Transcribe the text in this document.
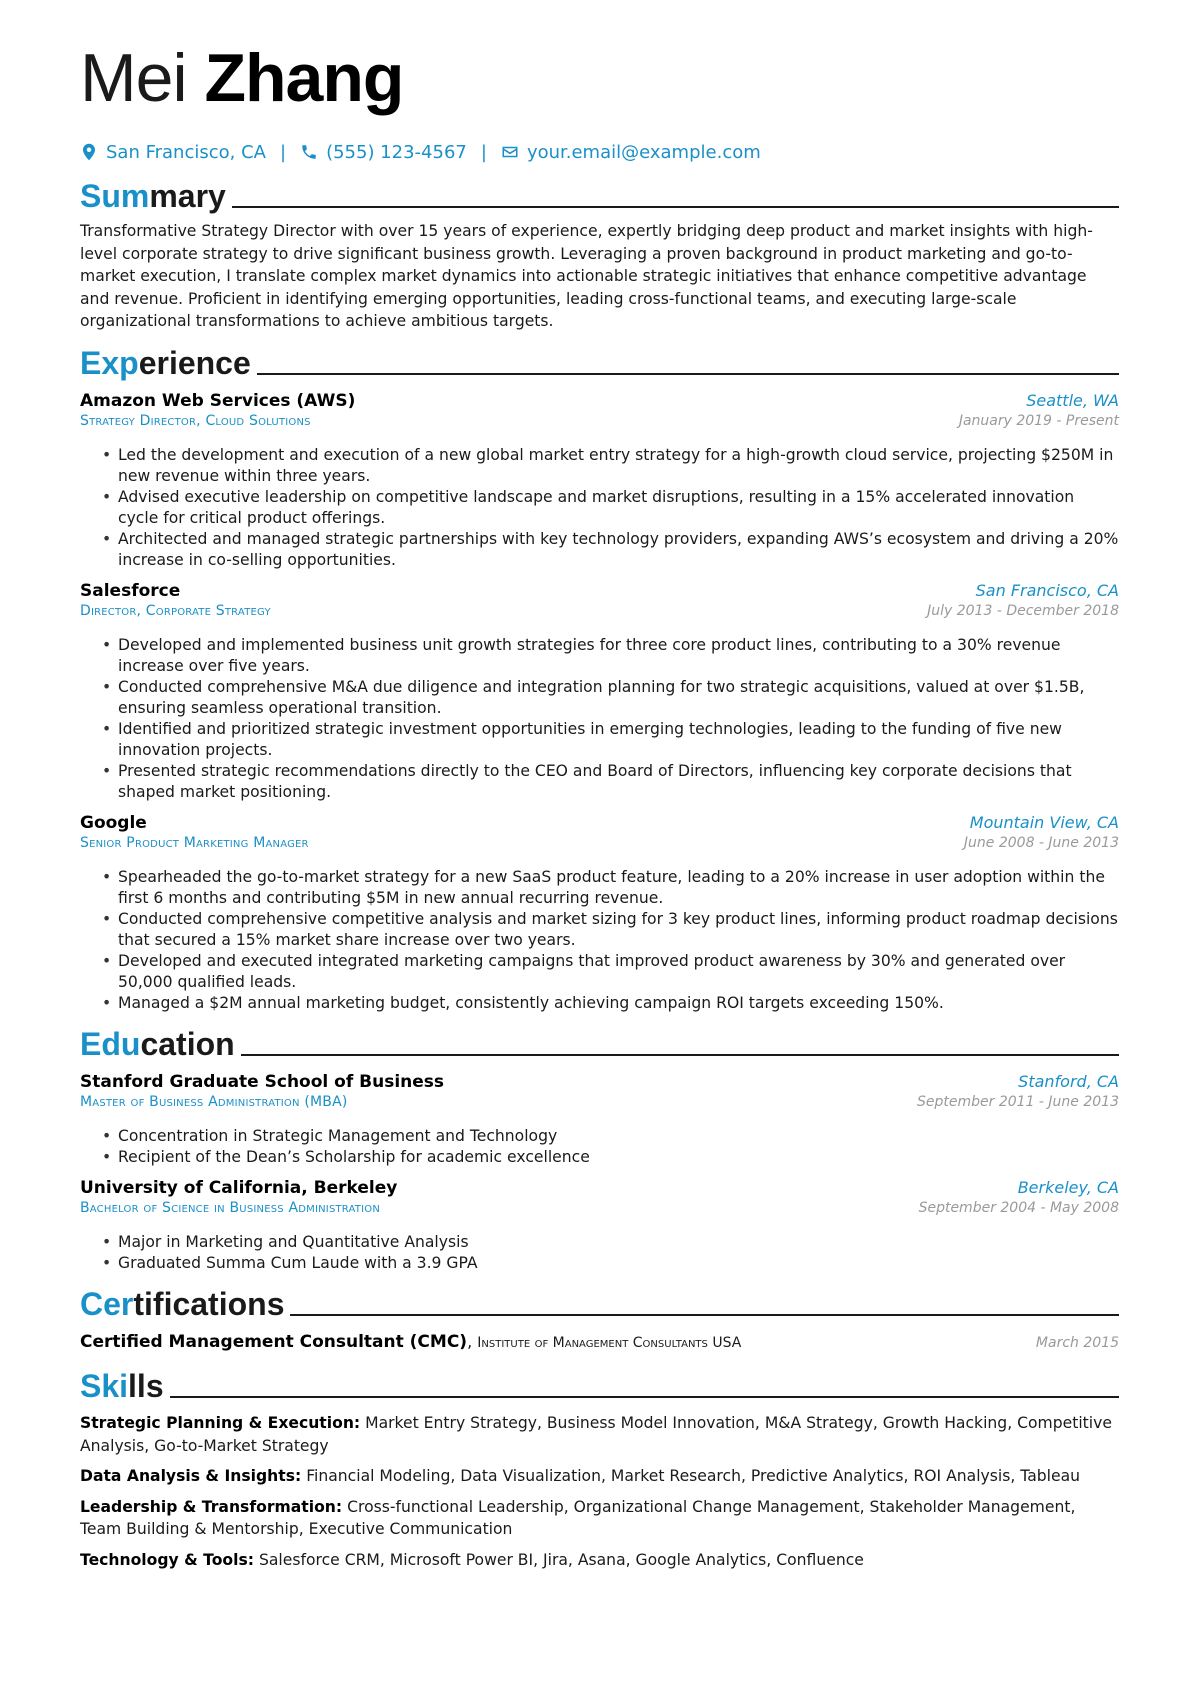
Mei Zhang
San Francisco, CA | (555) 123-4567 | your.email@example.com
Summary

Transformative Strategy Director with over 15 years of experience, expertly bridging deep product and market insights with high-level corporate strategy to drive significant business growth. Leveraging a proven background in product marketing and go-to-market execution, I translate complex market dynamics into actionable strategic initiatives that enhance competitive advantage and revenue. Proficient in identifying emerging opportunities, leading cross-functional teams, and executing large-scale organizational transformations to achieve ambitious targets.

Experience
Amazon Web Services (AWS)	Seattle, WA
Strategy Director, Cloud Solutions	January 2019 - Present
• Led the development and execution of a new global market entry strategy for a high-growth cloud service, projecting $250M in new revenue within three years.
• Advised executive leadership on competitive landscape and market disruptions, resulting in a 15% accelerated innovation cycle for critical product offerings.
• Architected and managed strategic partnerships with key technology providers, expanding AWS’s ecosystem and driving a 20% increase in co-selling opportunities.
Salesforce	San Francisco, CA
Director, Corporate Strategy	July 2013 - December 2018
• Developed and implemented business unit growth strategies for three core product lines, contributing to a 30% revenue increase over five years.
• Conducted comprehensive M&A due diligence and integration planning for two strategic acquisitions, valued at over $1.5B, ensuring seamless operational transition.
• Identified and prioritized strategic investment opportunities in emerging technologies, leading to the funding of five new innovation projects.
• Presented strategic recommendations directly to the CEO and Board of Directors, influencing key corporate decisions that shaped market positioning.
Google	Mountain View, CA
Senior Product Marketing Manager	June 2008 - June 2013
• Spearheaded the go-to-market strategy for a new SaaS product feature, leading to a 20% increase in user adoption within the first 6 months and contributing $5M in new annual recurring revenue.
• Conducted comprehensive competitive analysis and market sizing for 3 key product lines, informing product roadmap decisions that secured a 15% market share increase over two years.
• Developed and executed integrated marketing campaigns that improved product awareness by 30% and generated over 50,000 qualified leads.
• Managed a $2M annual marketing budget, consistently achieving campaign ROI targets exceeding 150%.
Education
Stanford Graduate School of Business	Stanford, CA
Master of Business Administration (MBA)	September 2011 - June 2013
• Concentration in Strategic Management and Technology
• Recipient of the Dean’s Scholarship for academic excellence
University of California, Berkeley	Berkeley, CA
Bachelor of Science in Business Administration	September 2004 - May 2008
• Major in Marketing and Quantitative Analysis
• Graduated Summa Cum Laude with a 3.9 GPA
Certifications
Certified Management Consultant (CMC), Institute of Management Consultants USA	March 2015
Skills
Strategic Planning & Execution: Market Entry Strategy, Business Model Innovation, M&A Strategy, Growth Hacking, Competitive Analysis, Go-to-Market Strategy
Data Analysis & Insights: Financial Modeling, Data Visualization, Market Research, Predictive Analytics, ROI Analysis, Tableau
Leadership & Transformation: Cross-functional Leadership, Organizational Change Management, Stakeholder Management, Team Building & Mentorship, Executive Communication
Technology & Tools: Salesforce CRM, Microsoft Power BI, Jira, Asana, Google Analytics, Confluence
